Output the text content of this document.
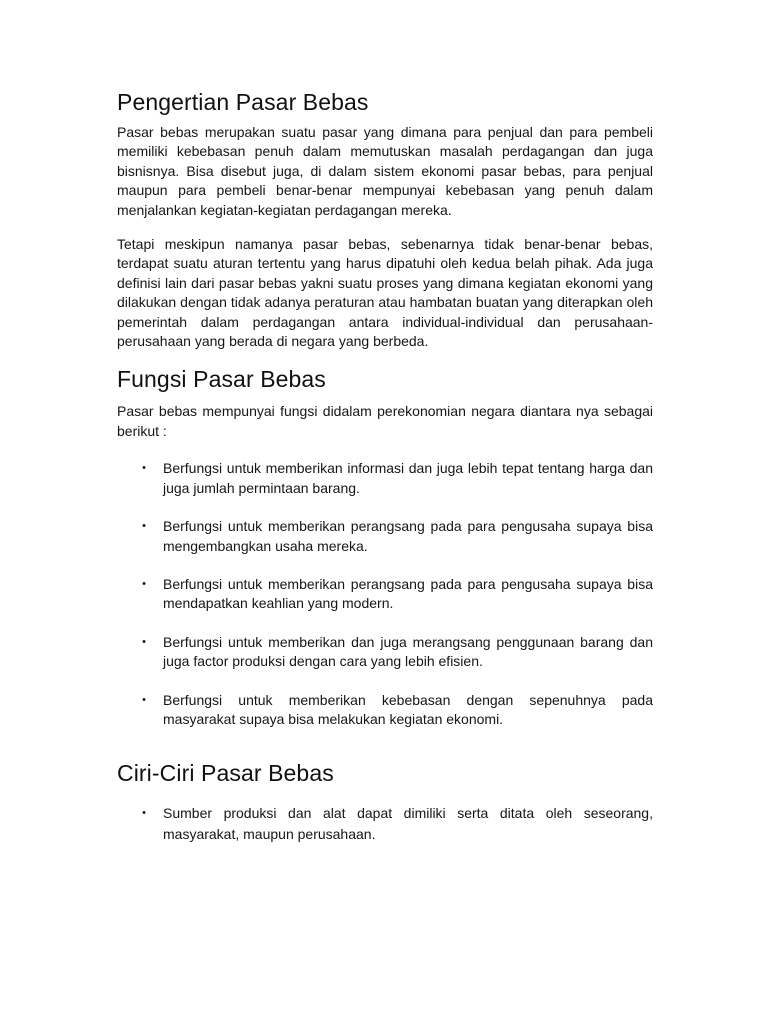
Pengertian Pasar Bebas

Pasar bebas merupakan suatu pasar yang dimana para penjual dan para pembeli memiliki kebebasan penuh dalam memutuskan masalah perdagangan dan juga bisnisnya. Bisa disebut juga, di dalam sistem ekonomi pasar bebas, para penjual maupun para pembeli benar-benar mempunyai kebebasan yang penuh dalam menjalankan kegiatan-kegiatan perdagangan mereka.

Tetapi meskipun namanya pasar bebas, sebenarnya tidak benar-benar bebas, terdapat suatu aturan tertentu yang harus dipatuhi oleh kedua belah pihak. Ada juga definisi lain dari pasar bebas yakni suatu proses yang dimana kegiatan ekonomi yang dilakukan dengan tidak adanya peraturan atau hambatan buatan yang diterapkan oleh pemerintah dalam perdagangan antara individual-individual dan perusahaan-perusahaan yang berada di negara yang berbeda.

Fungsi Pasar Bebas

Pasar bebas mempunyai fungsi didalam perekonomian negara diantara nya sebagai berikut :

• Berfungsi untuk memberikan informasi dan juga lebih tepat tentang harga dan juga jumlah permintaan barang.
• Berfungsi untuk memberikan perangsang pada para pengusaha supaya bisa mengembangkan usaha mereka.
• Berfungsi untuk memberikan perangsang pada para pengusaha supaya bisa mendapatkan keahlian yang modern.
• Berfungsi untuk memberikan dan juga merangsang penggunaan barang dan juga factor produksi dengan cara yang lebih efisien.
• Berfungsi untuk memberikan kebebasan dengan sepenuhnya pada masyarakat supaya bisa melakukan kegiatan ekonomi.
Ciri-Ciri Pasar Bebas
• Sumber produksi dan alat dapat dimiliki serta ditata oleh seseorang, masyarakat, maupun perusahaan.
